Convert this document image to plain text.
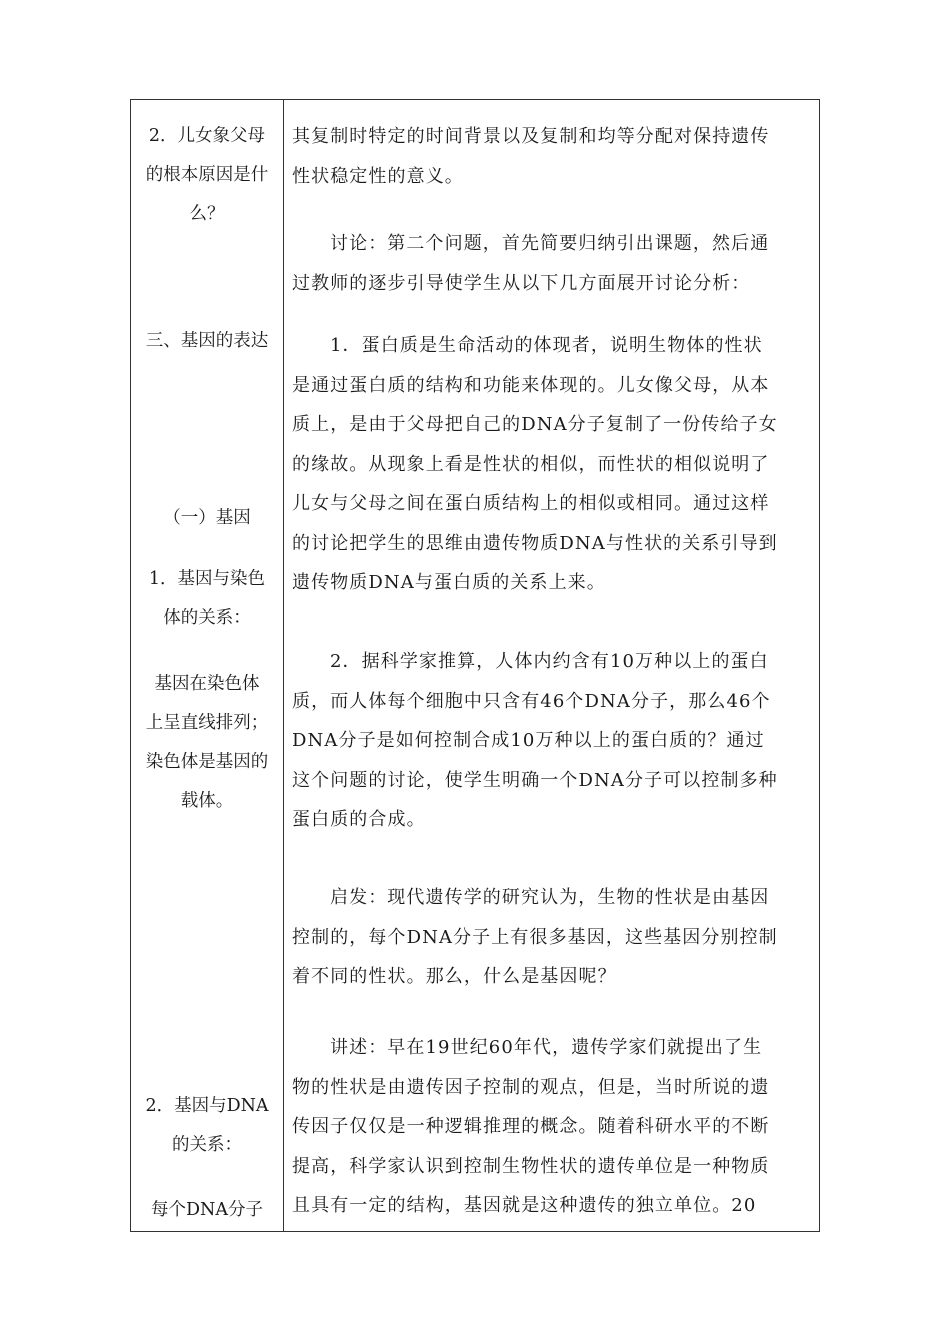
2．儿女象父母
的根本原因是什
么？
三、基因的表达
（一）基因
1．基因与染色
体的关系：
基因在染色体
上呈直线排列；
染色体是基因的
载体。
2．基因与DNA
的关系：
每个DNA分子
其复制时特定的时间背景以及复制和均等分配对保持遗传
性状稳定性的意义。
讨论：第二个问题，首先简要归纳引出课题，然后通
过教师的逐步引导使学生从以下几方面展开讨论分析：
1．蛋白质是生命活动的体现者，说明生物体的性状
是通过蛋白质的结构和功能来体现的。儿女像父母，从本
质上，是由于父母把自己的DNA分子复制了一份传给子女
的缘故。从现象上看是性状的相似，而性状的相似说明了
儿女与父母之间在蛋白质结构上的相似或相同。通过这样
的讨论把学生的思维由遗传物质DNA与性状的关系引导到
遗传物质DNA与蛋白质的关系上来。
2．据科学家推算，人体内约含有10万种以上的蛋白
质，而人体每个细胞中只含有46个DNA分子，那么46个
DNA分子是如何控制合成10万种以上的蛋白质的？通过
这个问题的讨论，使学生明确一个DNA分子可以控制多种
蛋白质的合成。
启发：现代遗传学的研究认为，生物的性状是由基因
控制的，每个DNA分子上有很多基因，这些基因分别控制
着不同的性状。那么，什么是基因呢？
讲述：早在19世纪60年代，遗传学家们就提出了生
物的性状是由遗传因子控制的观点，但是，当时所说的遗
传因子仅仅是一种逻辑推理的概念。随着科研水平的不断
提高，科学家认识到控制生物性状的遗传单位是一种物质
且具有一定的结构，基因就是这种遗传的独立单位。20
